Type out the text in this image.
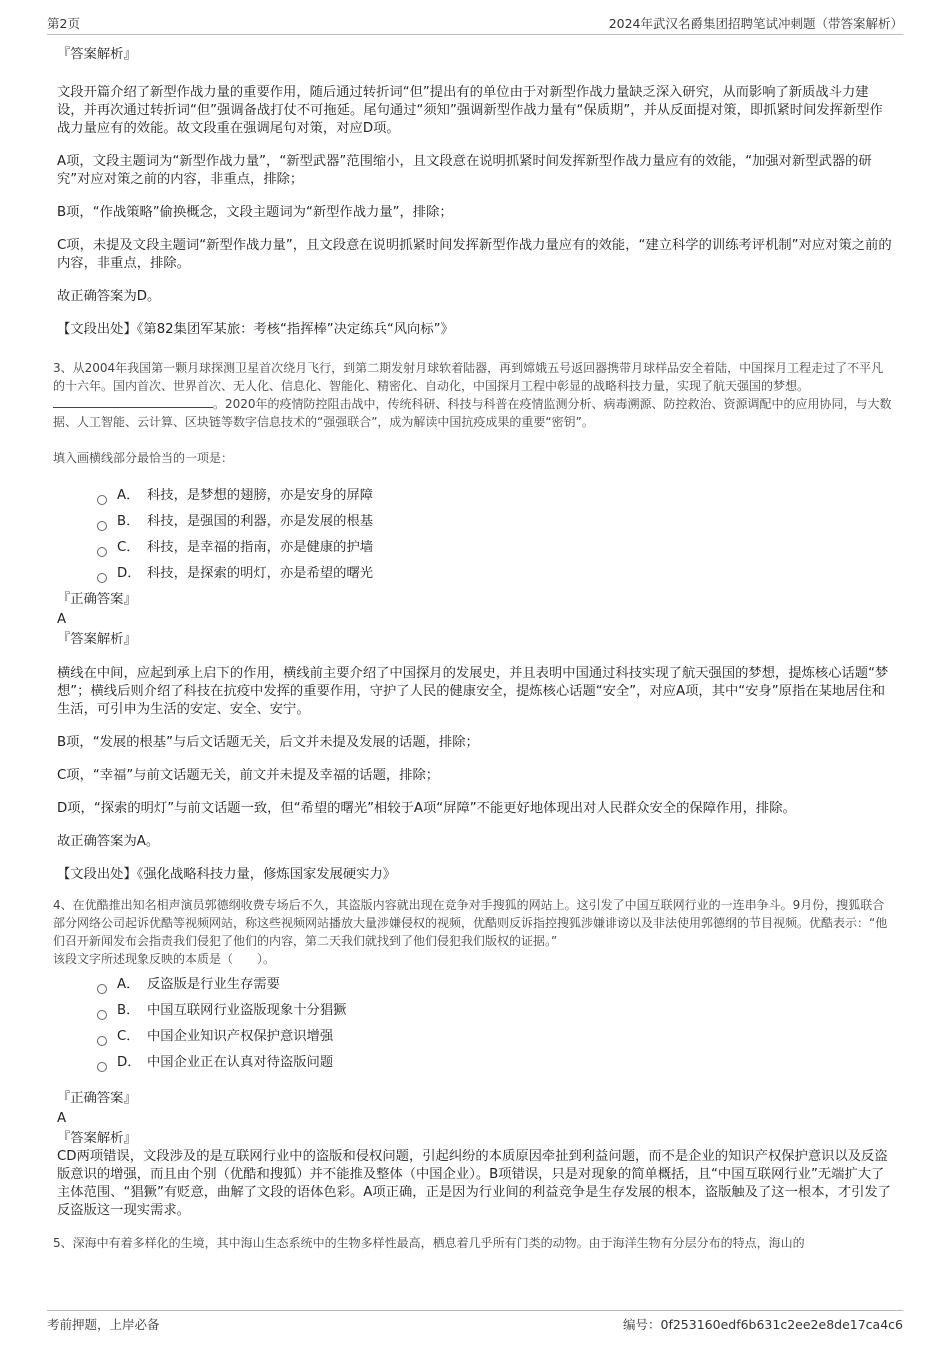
第2页	2024年武汉名爵集团招聘笔试冲刺题（带答案解析）

『答案解析』

文段开篇介绍了新型作战力量的重要作用，随后通过转折词“但”提出有的单位由于对新型作战力量缺乏深入研究，从而影响了新质战斗力建设，并再次通过转折词“但”强调备战打仗不可拖延。尾句通过“须知”强调新型作战力量有“保质期”，并从反面提对策，即抓紧时间发挥新型作战力量应有的效能。故文段重在强调尾句对策，对应D项。

A项，文段主题词为“新型作战力量”，“新型武器”范围缩小，且文段意在说明抓紧时间发挥新型作战力量应有的效能，“加强对新型武器的研究”对应对策之前的内容，非重点，排除；

B项，“作战策略”偷换概念，文段主题词为“新型作战力量”，排除；

C项，未提及文段主题词“新型作战力量”，且文段意在说明抓紧时间发挥新型作战力量应有的效能，“建立科学的训练考评机制”对应对策之前的内容，非重点，排除。

故正确答案为D。

【文段出处】《第82集团军某旅：考核“指挥棒”决定练兵“风向标”》

3、从2004年我国第一颗月球探测卫星首次绕月飞行，到第二期发射月球软着陆器，再到嫦娥五号返回器携带月球样品安全着陆，中国探月工程走过了不平凡的十六年。国内首次、世界首次、无人化、信息化、智能化、精密化、自动化，中国探月工程中彰显的战略科技力量，实现了航天强国的梦想。。2020年的疫情防控阻击战中，传统科研、科技与科普在疫情监测分析、病毒溯源、防控救治、资源调配中的应用协同，与大数据、人工智能、云计算、区块链等数字信息技术的“强强联合”，成为解读中国抗疫成果的重要“密钥”。

填入画横线部分最恰当的一项是：

A． 科技，是梦想的翅膀，亦是安身的屏障
B． 科技，是强国的利器，亦是发展的根基
C． 科技，是幸福的指南，亦是健康的护墙
D． 科技，是探索的明灯，亦是希望的曙光

『正确答案』

A

『答案解析』

横线在中间，应起到承上启下的作用，横线前主要介绍了中国探月的发展史，并且表明中国通过科技实现了航天强国的梦想，提炼核心话题“梦想”；横线后则介绍了科技在抗疫中发挥的重要作用，守护了人民的健康安全，提炼核心话题“安全”，对应A项，其中“安身”原指在某地居住和生活，可引申为生活的安定、安全、安宁。

B项，“发展的根基”与后文话题无关，后文并未提及发展的话题，排除；

C项，“幸福”与前文话题无关，前文并未提及幸福的话题，排除；

D项，“探索的明灯”与前文话题一致，但“希望的曙光”相较于A项“屏障”不能更好地体现出对人民群众安全的保障作用，排除。

故正确答案为A。

【文段出处】《强化战略科技力量，修炼国家发展硬实力》

4、在优酷推出知名相声演员郭德纲收费专场后不久，其盗版内容就出现在竞争对手搜狐的网站上。这引发了中国互联网行业的一连串争斗。9月份，搜狐联合部分网络公司起诉优酷等视频网站，称这些视频网站播放大量涉嫌侵权的视频，优酷则反诉指控搜狐涉嫌诽谤以及非法使用郭德纲的节目视频。优酷表示：“他们召开新闻发布会指责我们侵犯了他们的内容，第二天我们就找到了他们侵犯我们版权的证据。”

该段文字所述现象反映的本质是（　　）。

A． 反盗版是行业生存需要
B． 中国互联网行业盗版现象十分猖獗
C． 中国企业知识产权保护意识增强
D． 中国企业正在认真对待盗版问题

『正确答案』

A

『答案解析』

CD两项错误，文段涉及的是互联网行业中的盗版和侵权问题，引起纠纷的本质原因牵扯到利益问题，而不是企业的知识产权保护意识以及反盗版意识的增强，而且由个别（优酷和搜狐）并不能推及整体（中国企业）。B项错误，只是对现象的简单概括，且“中国互联网行业”无端扩大了主体范围、“猖獗”有贬意，曲解了文段的语体色彩。A项正确，正是因为行业间的利益竞争是生存发展的根本，盗版触及了这一根本，才引发了反盗版这一现实需求。

5、深海中有着多样化的生境，其中海山生态系统中的生物多样性最高，栖息着几乎所有门类的动物。由于海洋生物有分层分布的特点，海山的

考前押题，上岸必备	编号：0f253160edf6b631c2ee2e8de17ca4c6
